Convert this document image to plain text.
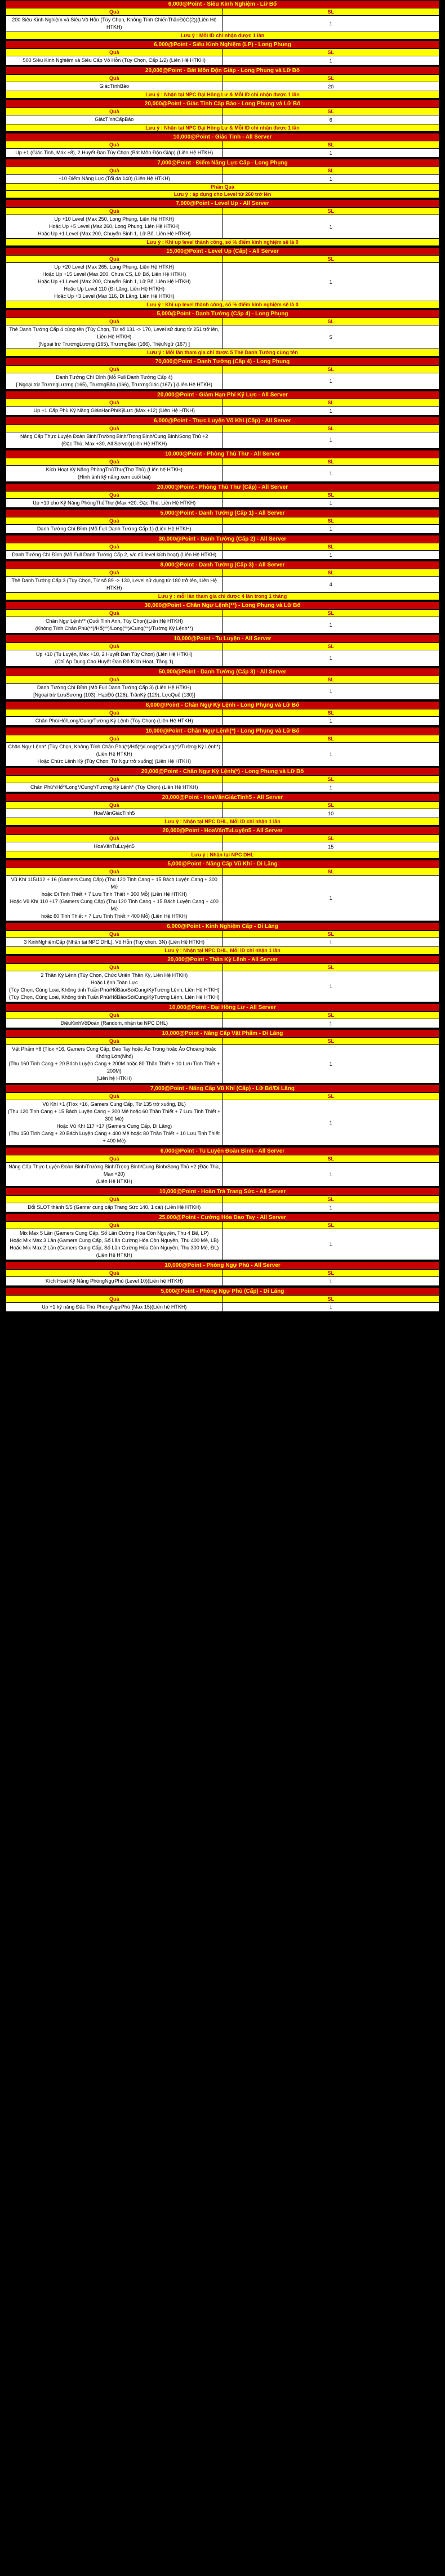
6,000@Point - Siêu Kinh Nghiệm - Lữ Bố	
Quà	SL
200 Siêu Kinh Nghiệm và Siêu Vô Hỗn (Tùy Chọn, Không Tính ChiếnThầnĐộC(2))(Liên Hệ HTKH)	1
Lưu ý : Mỗi ID chỉ nhận được 1 lần	
6,000@Point - Siêu Kinh Nghiệm (LP) - Long Phụng	
Quà	SL
500 Siêu Kinh Nghiệm và Siêu Cấp Vô Hỗn (Tùy Chọn, Cấp 1/2) (Liên Hệ HTKH)	1
20,000@Point - Bát Môn Độn Giáp - Long Phụng và Lữ Bố	
Quà	SL
GiácTínhBảo	20
Lưu ý : Nhận tại NPC Đại Hồng Lư & Mỗi ID chỉ nhận được 1 lần	
20,000@Point - Giác Tính Cấp Bảo - Long Phụng và Lữ Bố	
Quà	SL
GiácTínhCấpBảo	6
Lưu ý : Nhận tại NPC Đại Hồng Lư & Mỗi ID chỉ nhận được 1 lần	
10,000@Point - Giác Tinh - All Server	
Quà	SL
Up +1 (Giác Tinh, Max +8), 2 Huyết Đan Tùy Chọn (Bát Môn Độn Giáp) (Liên Hệ HTKH)	1
7,000@Point - Điểm Nâng Lực Cấp - Long Phụng	
Quà	SL
+10 Điểm Nâng Lực (Tối đa 140) (Liên Hệ HTKH)	1
Phần Quà	
Lưu ý : áp dụng cho Level từ 260 trở lên	
7,000@Point - Level Up - All Server	
Quà	SL
Up +10 Level (Max 250, Long Phụng, Liên Hệ HTKH)
Hoặc Up +5 Level (Max 260, Long Phụng, Liên Hệ HTKH)
Hoặc Up +1 Level (Max 200, Chuyển Sinh 1, Lữ Bố, Liên Hệ HTKH)	1
Lưu ý : Khi up level thành công, số % điểm kinh nghiệm sẽ là 0	
15,000@Point - Level Up (Cấp) - All Server	
Quà	SL
Up +20 Level (Max 265, Long Phụng, Liên Hệ HTKH)
Hoặc Up +15 Level (Max 200, Chưa CS, Lữ Bố, Liên Hệ HTKH)
Hoặc Up +1 Level (Max 200, Chuyển Sinh 1, Lữ Bố, Liên Hệ HTKH)
Hoặc Up Level 110 (Đi Lăng, Liên Hệ HTKH)
Hoặc Up +3 Level (Max 116, Đi Lăng, Liên Hệ HTKH)	1
Lưu ý : Khi up level thành công, số % điểm kinh nghiệm sẽ là 0	
5,000@Point - Danh Tướng (Cấp 4) - Long Phụng	
Quà	SL
Thẻ Danh Tướng Cấp 4 cùng tên (Tùy Chọn, Từ số 131 -> 170, Level sử dụng từ 251 trở lên, Liên Hệ HTKH)
[Ngoại trừ TrươngLương (165), TrươngBảo (166), TriệuNgữ (167) ]	5
Lưu ý : Mỗi lần tham gia chỉ được 5 Thẻ Danh Tướng cùng tên	
70,000@Point - Danh Tướng (Cấp 4) - Long Phụng	
Quà	SL
Danh Tướng Chí Đỉnh (Mỗ Full Danh Tướng Cấp 4)
[ Ngoại trừ TrươngLương (165), TrươngBảo (166), TrươngGiác (167) ] (Liên Hệ HTKH)	1
20,000@Point - Giảm Hạn Phí Kỹ Lực - All Server	
Quà	SL
Up +1 Cấp Phù Kỹ Năng GiánHạnPhíKỹLực (Max +12) (Liên Hệ HTKH)	1
6,000@Point - Thực Luyện Võ Khí (Cấp) - All Server	
Quà	SL
Nâng Cấp Thực Luyện Đoàn Binh/Trường Binh/Trọng Binh/Cung Binh/Song Thủ +2
(Đặc Thù, Max +30, All Server)(Liên Hệ HTKH)	1
10,000@Point - Phòng Thủ Thư - All Server	
Quà	SL
Kích Hoạt Kỹ Năng PhòngThủThư(Thợ Thủ) (Liên hệ HTKH)
(Hình ảnh kỹ năng xem cuối bài)	1
20,000@Point - Phòng Thủ Thư (Cấp) - All Server	
Quà	SL
Up +10 cho Kỹ Năng PhòngThủThư (Max +20, Đặc Thù, Liên Hệ HTKH)	1
5,000@Point - Danh Tướng (Cấp 1) - All Server	
Quà	SL
Danh Tướng Chí Đỉnh (Mỗ Full Danh Tướng Cấp 1) (Liên Hệ HTKH)	1
30,000@Point - Danh Tướng (Cấp 2) - All Server	
Quà	SL
Danh Tướng Chí Đỉnh (Mỗ Full Danh Tướng Cấp 2, v/c đủ level kích hoạt) (Liên Hệ HTKH)	1
8,000@Point - Danh Tướng (Cấp 3) - All Server	
Quà	SL
Thẻ Danh Tướng Cấp 3 (Tùy Chọn, Từ số 89 -> 130, Level sử dụng từ 180 trở lên, Liên Hệ HTKH)	4
Lưu ý : mỗi lần tham gia chỉ được 4 lần trong 1 tháng	
30,000@Point - Chân Ngự Lệnh(**) - Long Phụng và Lữ Bố	
Quà	SL
Chân Ngự Lệnh** (Cuối Tinh Anh, Tùy Chọn)(Liên Hệ HTKH)
(Không Tính Chân Phú(**)/Hổ(**)/Long(**)/Cung(**)/Tường Kỳ Lệnh**)	1
10,000@Point - Tu Luyện - All Server	
Quà	SL
Up +10 (Tu Luyện, Max +10, 2 Huyết Đan Tùy Chọn) (Liên Hệ HTKH)
(Chỉ Áp Dụng Cho Huyết Đan Đỏ Kích Hoạt, Tầng 1)	1
50,000@Point - Danh Tướng (Cấp 3) - All Server	
Quà	SL
Danh Tướng Chí Đỉnh (Mỗ Full Danh Tướng Cấp 3) (Liên Hệ HTKH)
[Ngoại trừ LưuSương (103), HạoĐộ (126), TrầnKỳ (129), LựcQuế (130)]	1
8,000@Point - Chân Ngự Kỳ Lệnh - Long Phụng và Lữ Bố	
Quà	SL
Chân Phù/Hổ/Long/Cung/Tường Kỳ Lệnh (Tùy Chọn) (Liên Hệ HTKH)	1
10,000@Point - Chân Ngự Lệnh(*) - Long Phụng và Lữ Bố	
Quà	SL
Chân Ngự Lệnh* (Tùy Chọn, Không Tính Chân Phú(*)/Hổ(*)/Long(*)/Cung(*)/Tường Kỳ Lệnh*)
(Liên Hệ HTKH)
Hoặc Chức Lệnh Kỳ (Tùy Chọn, Từ Ngự trở xuống) (Liên Hệ HTKH)	1
20,000@Point - Chân Ngự Kỳ Lệnh(*) - Long Phụng và Lữ Bố	
Quà	SL
Chân Phú*/Hổ*/Long*/Cung*/Tường Kỳ Lệnh* (Tùy Chọn) (Liên Hệ HTKH)	1
20,000@Point - HoaVănGiácTinh5 - All Server	
Quà	SL
HoaVănGiácTinh5	10
Lưu ý : Nhận tại NPC DHL, Mỗi ID chỉ nhận 1 lần	
20,000@Point - HoaVănTuLuyện5 - All Server	
Quà	SL
HoaVănTuLuyện5	15
Lưu ý : Nhận tại NPC DHL	
5,000@Point - Nâng Cấp Vũ Khí - Di Lăng	
Quà	SL
Vũ Khí 115/112 + 16 (Gamers Cung Cấp) (Thu 120 Tinh Cang + 15 Bách Luyện Cang + 300 Mê
hoặc Đi Tinh Thiết + 7 Lưu Tinh Thiết + 300 Mỗ) (Liên Hệ HTKH)
Hoặc Vũ Khí 110 +17 (Gamers Cung Cấp) (Thu 120 Tinh Cang + 15 Bách Luyện Cang + 400 Mê
hoặc 60 Tinh Thiết + 7 Lưu Tinh Thiết + 400 Mỗ) (Liên Hệ HTKH)	1
6,000@Point - Kinh Nghiệm Cấp - Di Lăng	
Quà	SL
3 KinhNghiệmCấp (Nhận tại NPC DHL), Vô Hỗn (Tùy chọn, 3N) (Liên Hệ HTKH)	1
Lưu ý : Nhận tại NPC DHL, Mỗi ID chỉ nhận 1 lần	
20,000@Point - Thần Kỳ Lệnh - All Server	
Quà	SL
2 Thần Kỳ Lệnh (Tùy Chọn, Chức Uriên Thần Kỳ, Liên Hệ HTKH)
Hoặc Lệnh Toàn Lực
(Tùy Chọn, Cùng Loại, Không tính Tuấn Phú/HổBảo/SóiCung/KỳTường Lệnh, Liên Hệ HTKH)
(Tùy Chọn, Cùng Loại, Không tính Tuấn Phú/HổBảo/SóiCung/KỳTường Lệnh, Liên Hệ HTKH)	1
10,000@Point - Đại Hồng Lư - All Server	
Quà	SL
ĐiệuKinhVôĐoàn (Random, nhận tại NPC DHL)	1
10,000@Point - Nâng Cấp Vật Phẩm - Di Lăng	
Quà	SL
Vật Phẩm +8 (Tlox +16, Gamers Cung Cấp, Đao Tay hoặc Áo Trong hoặc Áo Choàng hoặc Khóng Lớn(Nhó)
(Thu 160 Tinh Cang + 20 Bách Luyện Cang + 200M hoặc 80 Thần Thiết + 10 Lưu Tinh Thiết + 200M)
(Liên hệ HTKH)	1
7,000@Point - Nâng Cấp Vũ Khí (Cấp) - Lữ Bố/Di Lăng	
Quà	SL
Vũ Khí +1 (Tlox +16, Gamers Cung Cấp, Từ 135 trở xuống, ĐL)
(Thu 120 Tinh Cang + 15 Bách Luyện Cang + 300 Mê hoặc 60 Thần Thiết + 7 Lưu Tinh Thiết + 300 Mê)
Hoặc Vũ Khí 117 +17 (Gamers Cung Cấp, Di Lăng)
(Thu 150 Tinh Cang + 20 Bách Luyện Cang + 400 Mê hoặc 80 Thần Thiết + 10 Lưu Tinh Thiết + 400 Mê)	1
6,000@Point - Tu Luyện Đoàn Binh - All Server	
Quà	SL
Nâng Cấp Thực Luyện Đoàn Binh/Trường Binh/Trọng Binh/Cung Binh/Song Thủ +2 (Đặc Thù, Max +20)
(Liên Hệ HTKH)	1
10,000@Point - Hoàn Trả Trang Sức - All Server	
Quà	SL
Đổi SLOT thành 5/5 (Gamer cung cấp Trang Sức 140, 1 cái) (Liên Hệ HTKH)	1
25,000@Point - Cường Hóa Đao Tay - All Server	
Quà	SL
Mix Max 5 Lần (Gamers Cung Cấp, Số Lần Cường Hóa Còn Nguyên, Thu 4 Bế, LP)
Hoặc Mix Max 3 Lần (Gamers Cung Cấp, Số Lần Cường Hóa Còn Nguyên, Thu 400 Mê, LB)
Hoặc Mix Max 2 Lần (Gamers Cung Cấp, Số Lần Cường Hóa Còn Nguyên, Thu 300 Mê, ĐL)
(Liên Hệ HTKH)	1
10,000@Point - Phòng Ngự Phù - All Server	
Quà	SL
Kích Hoạt Kỹ Năng PhòngNgựPhù (Level 10)(Liên hệ HTKH)	1
5,000@Point - Phòng Ngự Phù (Cấp) - Di Lăng	
Quà	SL
Up +1 kỹ năng Đặc Thù PhòngNgựPhù (Max 15)(Liên hệ HTKH)	1
